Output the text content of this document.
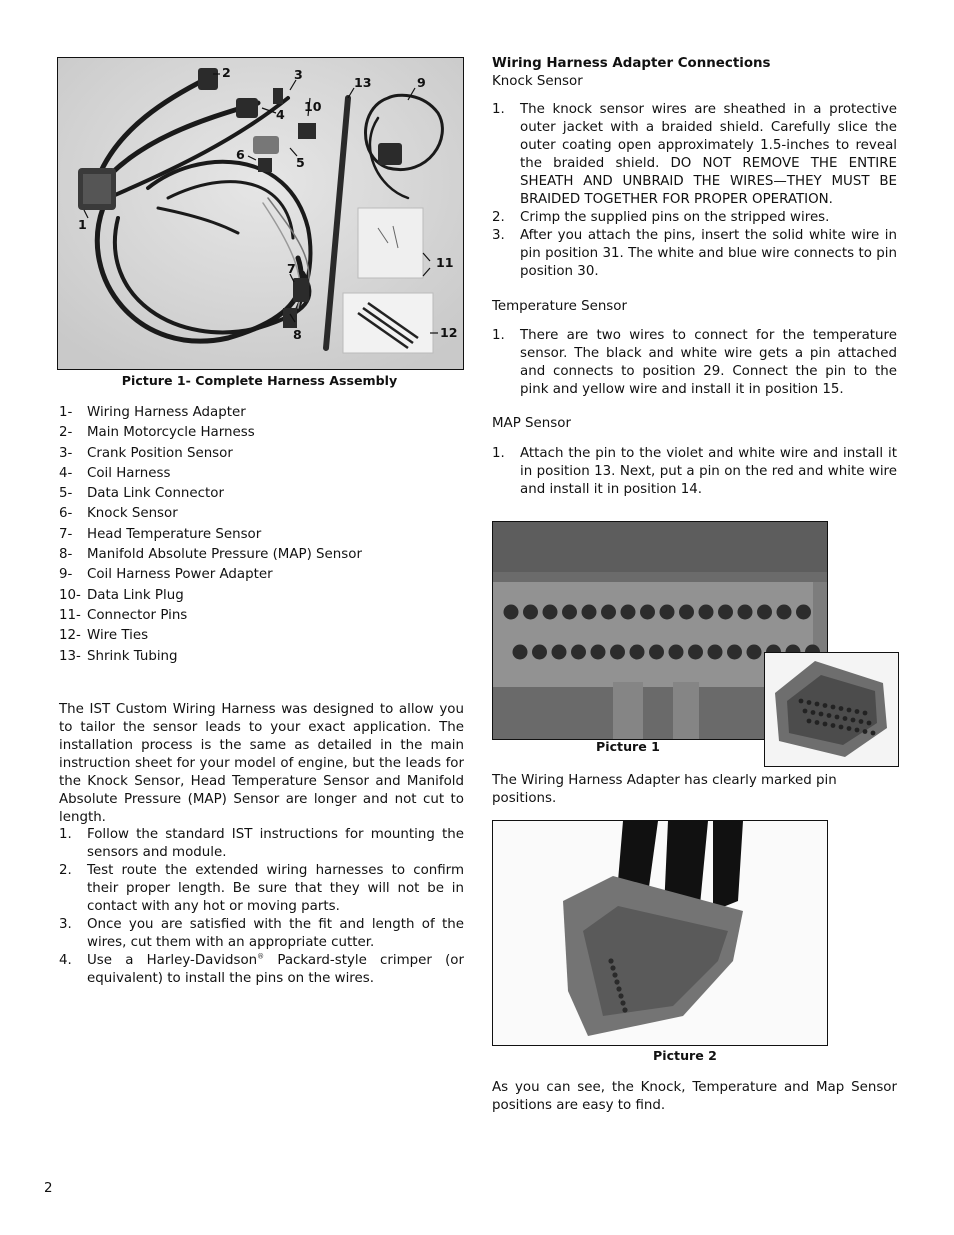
1
2	3
4
5
6
7
8
9
10
11
12
13
Picture 1- Complete Harness Assembly
1- Wiring Harness Adapter
2- Main Motorcycle Harness
3- Crank Position Sensor
4- Coil Harness
5- Data Link Connector
6- Knock Sensor
7- Head Temperature Sensor
8- Manifold Absolute Pressure (MAP) Sensor
9- Coil Harness Power Adapter
10- Data Link Plug
11- Connector Pins
12- Wire Ties
13- Shrink Tubing

The IST Custom Wiring Harness was designed to allow you to tailor the sensor leads to your exact application. The installation process is the same as detailed in the main instruction sheet for your model of engine, but the leads for the Knock Sensor, Head Temperature Sensor and Manifold Absolute Pressure (MAP) Sensor are longer and not cut to length.

1. Follow the standard IST instructions for mounting the sensors and module.
2. Test route the extended wiring harnesses to confirm their proper length. Be sure that they will not be in contact with any hot or moving parts.
3. Once you are satisfied with the fit and length of the wires, cut them with an appropriate cutter.
4. Use a Harley-Davidson® Packard-style crimper (or equivalent) to install the pins on the wires.
2
Wiring Harness Adapter Connections
Knock Sensor
1. The knock sensor wires are sheathed in a protective outer jacket with a braided shield. Carefully slice the outer coating open approximately 1.5-inches to reveal the braided shield. DO NOT REMOVE THE ENTIRE SHEATH AND UNBRAID THE WIRES—THEY MUST BE BRAIDED TOGETHER FOR PROPER OPERATION.
2. Crimp the supplied pins on the stripped wires.
3. After you attach the pins, insert the solid white wire in pin position 31. The white and blue wire connects to pin position 30.
Temperature Sensor
1. There are two wires to connect for the temperature sensor. The black and white wire gets a pin attached and connects to position 29. Connect the pin to the pink and yellow wire and install it in position 15.
MAP Sensor
1. Attach the pin to the violet and white wire and install it in position 13. Next, put a pin on the red and white wire and install it in position 14.
Picture 1

The Wiring Harness Adapter has clearly marked pin positions.

Picture 2

As you can see, the Knock, Temperature and Map Sensor positions are easy to find.
